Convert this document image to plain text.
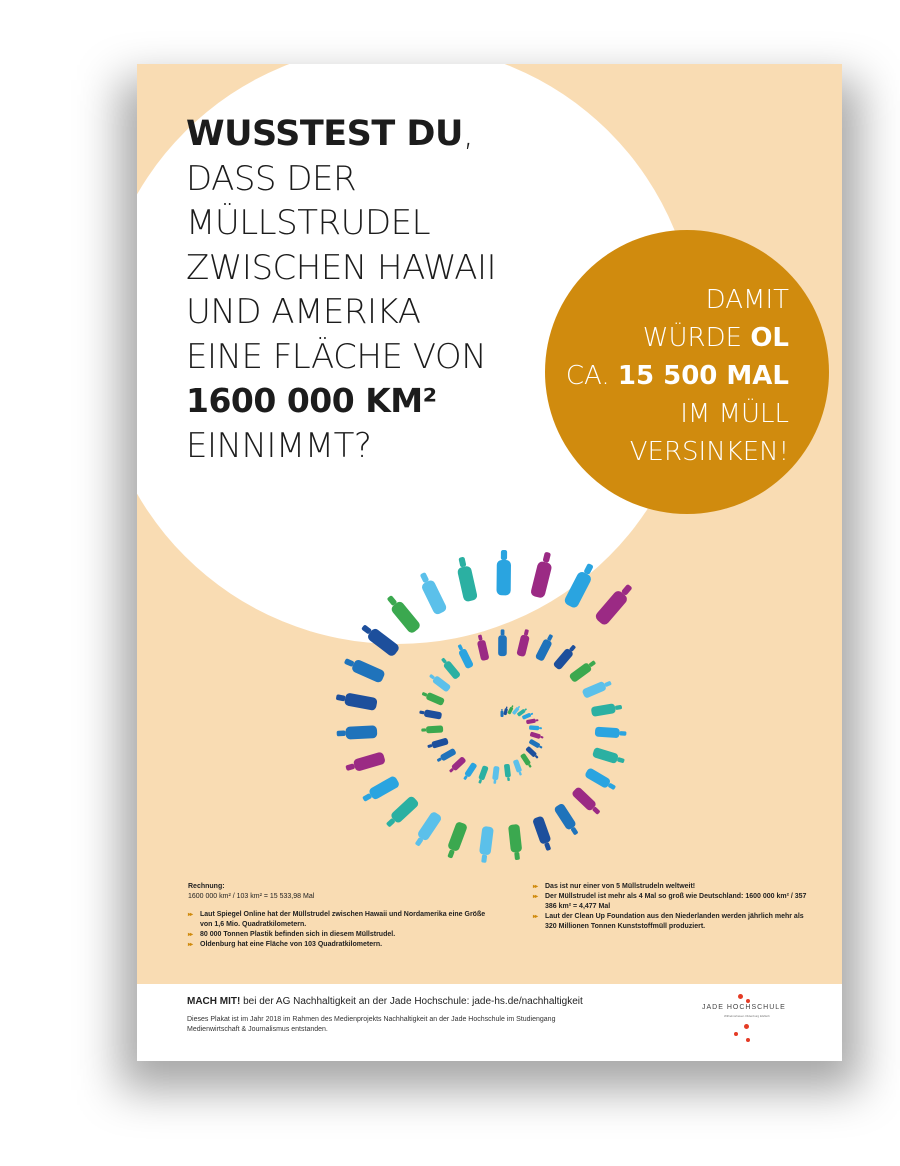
WUSSTEST DU,
DASS DER
MÜLLSTRUDEL
ZWISCHEN HAWAII
UND AMERIKA
EINE FLÄCHE VON
1600 000 KM²
EINNIMMT?
DAMIT
WÜRDE OL
CA. 15 500 MAL
IM MÜLL
VERSINKEN!
Rechnung:
1600 000 km² / 103 km² = 15 533,98 Mal
▸▸ Laut Spiegel Online hat der Müllstrudel zwischen Hawaii und Nordamerika eine Größe von 1,6 Mio. Quadratkilometern.
▸▸ 80 000 Tonnen Plastik befinden sich in diesem Müllstrudel.
▸▸ Oldenburg hat eine Fläche von 103 Quadratkilometern.
▸▸ Das ist nur einer von 5 Müllstrudeln weltweit!
▸▸ Der Müllstrudel ist mehr als 4 Mal so groß wie Deutschland: 1600 000 km² / 357 386 km² = 4,477 Mal
▸▸ Laut der Clean Up Foundation aus den Niederlanden werden jährlich mehr als 320 Millionen Tonnen Kunststoffmüll produziert.
MACH MIT! bei der AG Nachhaltigkeit an der Jade Hochschule: jade-hs.de/nachhaltigkeit
Dieses Plakat ist im Jahr 2018 im Rahmen des Medienprojekts Nachhaltigkeit an der Jade Hochschule im Studiengang Medienwirtschaft & Journalismus entstanden.
JADE HOCHSCHULE
Wilhelmshaven Oldenburg Elsfleth
